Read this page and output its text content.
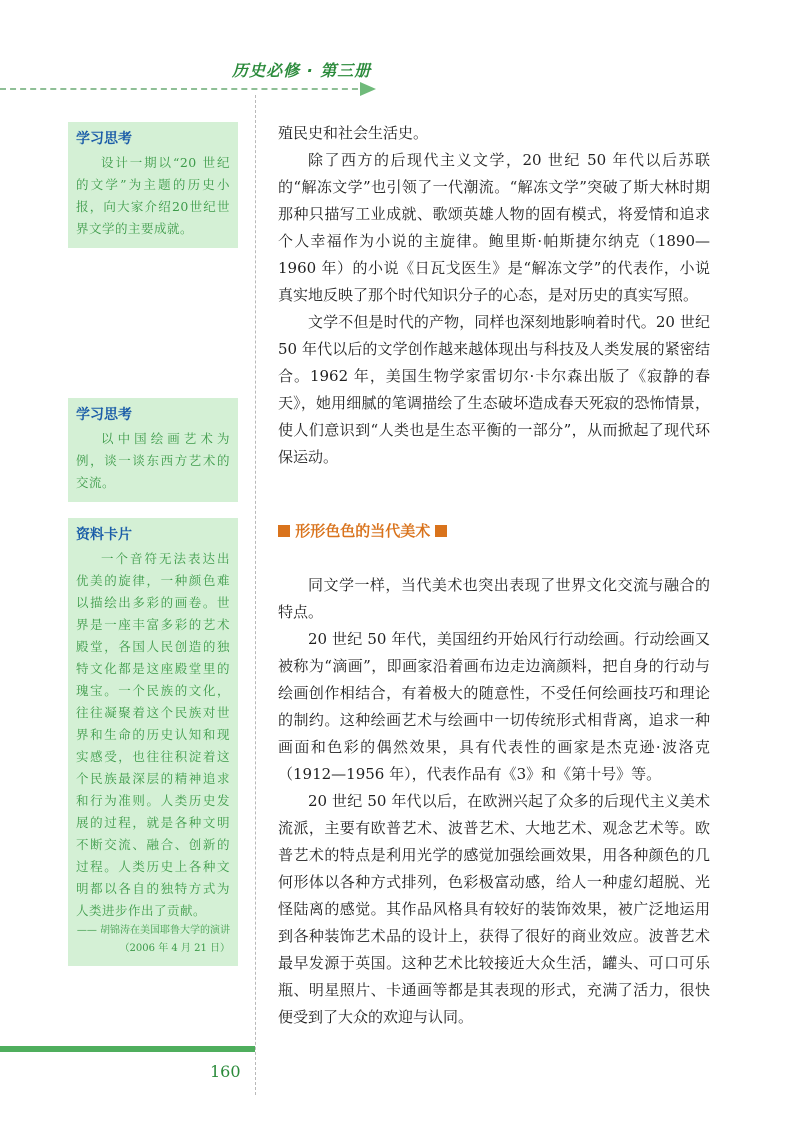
历史必修 · 第三册
学习思考
设计一期以“20 世纪的文学”为主题的历史小报，向大家介绍20世纪世界文学的主要成就。
学习思考
以中国绘画艺术为例，谈一谈东西方艺术的交流。
资料卡片
一个音符无法表达出优美的旋律，一种颜色难以描绘出多彩的画卷。世界是一座丰富多彩的艺术殿堂，各国人民创造的独特文化都是这座殿堂里的瑰宝。一个民族的文化，往往凝聚着这个民族对世界和生命的历史认知和现实感受，也往往积淀着这个民族最深层的精神追求和行为准则。人类历史发展的过程，就是各种文明不断交流、融合、创新的过程。人类历史上各种文明都以各自的独特方式为人类进步作出了贡献。
—— 胡锦涛在美国耶鲁大学的演讲（2006 年 4 月 21 日）

殖民史和社会生活史。

除了西方的后现代主义文学，20 世纪 50 年代以后苏联的“解冻文学”也引领了一代潮流。“解冻文学”突破了斯大林时期那种只描写工业成就、歌颂英雄人物的固有模式，将爱情和追求个人幸福作为小说的主旋律。鲍里斯·帕斯捷尔纳克（1890—1960 年）的小说《日瓦戈医生》是“解冻文学”的代表作，小说真实地反映了那个时代知识分子的心态，是对历史的真实写照。

文学不但是时代的产物，同样也深刻地影响着时代。20 世纪 50 年代以后的文学创作越来越体现出与科技及人类发展的紧密结合。1962 年，美国生物学家雷切尔·卡尔森出版了《寂静的春天》，她用细腻的笔调描绘了生态破坏造成春天死寂的恐怖情景，使人们意识到“人类也是生态平衡的一部分”，从而掀起了现代环保运动。

形形色色的当代美术

同文学一样，当代美术也突出表现了世界文化交流与融合的特点。

20 世纪 50 年代，美国纽约开始风行行动绘画。行动绘画又被称为“滴画”，即画家沿着画布边走边滴颜料，把自身的行动与绘画创作相结合，有着极大的随意性，不受任何绘画技巧和理论的制约。这种绘画艺术与绘画中一切传统形式相背离，追求一种画面和色彩的偶然效果，具有代表性的画家是杰克逊·波洛克（1912—1956 年），代表作品有《3》和《第十号》等。

20 世纪 50 年代以后，在欧洲兴起了众多的后现代主义美术流派，主要有欧普艺术、波普艺术、大地艺术、观念艺术等。欧普艺术的特点是利用光学的感觉加强绘画效果，用各种颜色的几何形体以各种方式排列，色彩极富动感，给人一种虚幻超脱、光怪陆离的感觉。其作品风格具有较好的装饰效果，被广泛地运用到各种装饰艺术品的设计上，获得了很好的商业效应。波普艺术最早发源于英国。这种艺术比较接近大众生活，罐头、可口可乐瓶、明星照片、卡通画等都是其表现的形式，充满了活力，很快便受到了大众的欢迎与认同。

160
